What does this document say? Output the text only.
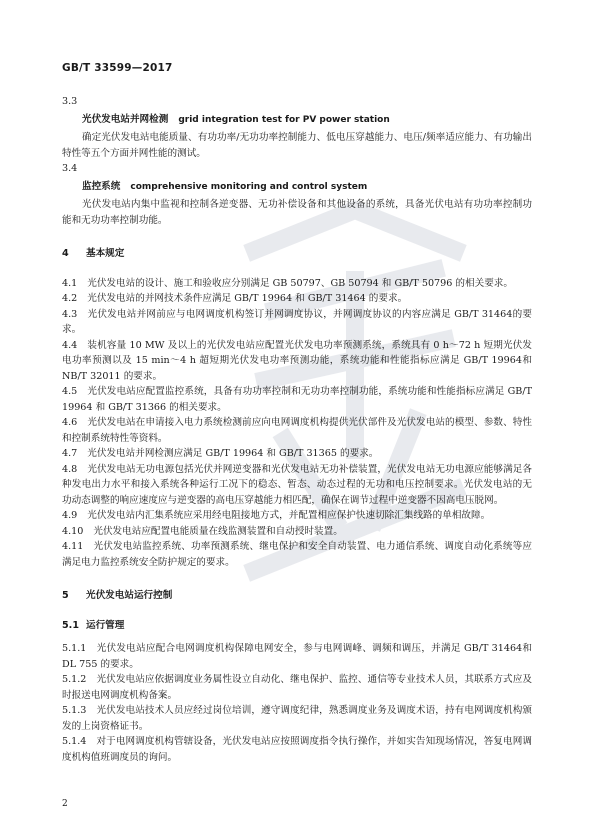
GB/T 33599—2017

3.3

光伏发电站并网检测 grid integration test for PV power station

确定光伏发电站电能质量、有功功率/无功功率控制能力、低电压穿越能力、电压/频率适应能力、有功输出特性等五个方面并网性能的测试。

3.4

监控系统 comprehensive monitoring and control system

光伏发电站内集中监视和控制各逆变器、无功补偿设备和其他设备的系统，具备光伏电站有功功率控制功能和无功功率控制功能。

4 基本规定

4.1 光伏发电站的设计、施工和验收应分别满足 GB 50797、GB 50794 和 GB/T 50796 的相关要求。

4.2 光伏发电站的并网技术条件应满足 GB/T 19964 和 GB/T 31464 的要求。

4.3 光伏发电站并网前应与电网调度机构签订并网调度协议，并网调度协议的内容应满足 GB/T 31464的要求。

4.4 装机容量 10 MW 及以上的光伏发电站应配置光伏发电功率预测系统，系统具有 0 h～72 h 短期光伏发电功率预测以及 15 min～4 h 超短期光伏发电功率预测功能，系统功能和性能指标应满足 GB/T 19964和 NB/T 32011 的要求。

4.5 光伏发电站应配置监控系统，具备有功功率控制和无功功率控制功能，系统功能和性能指标应满足 GB/T 19964 和 GB/T 31366 的相关要求。

4.6 光伏发电站在申请接入电力系统检测前应向电网调度机构提供光伏部件及光伏发电站的模型、参数、特性和控制系统特性等资料。

4.7 光伏发电站并网检测应满足 GB/T 19964 和 GB/T 31365 的要求。

4.8 光伏发电站无功电源包括光伏并网逆变器和光伏发电站无功补偿装置，光伏发电站无功电源应能够满足各种发电出力水平和接入系统各种运行工况下的稳态、暂态、动态过程的无功和电压控制要求。光伏发电站的无功动态调整的响应速度应与逆变器的高电压穿越能力相匹配，确保在调节过程中逆变器不因高电压脱网。

4.9 光伏发电站内汇集系统应采用经电阻接地方式，并配置相应保护快速切除汇集线路的单相故障。

4.10 光伏发电站应配置电能质量在线监测装置和自动授时装置。

4.11 光伏发电站监控系统、功率预测系统、继电保护和安全自动装置、电力通信系统、调度自动化系统等应满足电力监控系统安全防护规定的要求。

5 光伏发电站运行控制

5.1 运行管理

5.1.1 光伏发电站应配合电网调度机构保障电网安全，参与电网调峰、调频和调压，并满足 GB/T 31464和 DL 755 的要求。

5.1.2 光伏发电站应依据调度业务属性设立自动化、继电保护、监控、通信等专业技术人员，其联系方式应及时报送电网调度机构备案。

5.1.3 光伏发电站技术人员应经过岗位培训，遵守调度纪律，熟悉调度业务及调度术语，持有电网调度机构颁发的上岗资格证书。

5.1.4 对于电网调度机构管辖设备，光伏发电站应按照调度指令执行操作，并如实告知现场情况，答复电网调度机构值班调度员的询问。

2
